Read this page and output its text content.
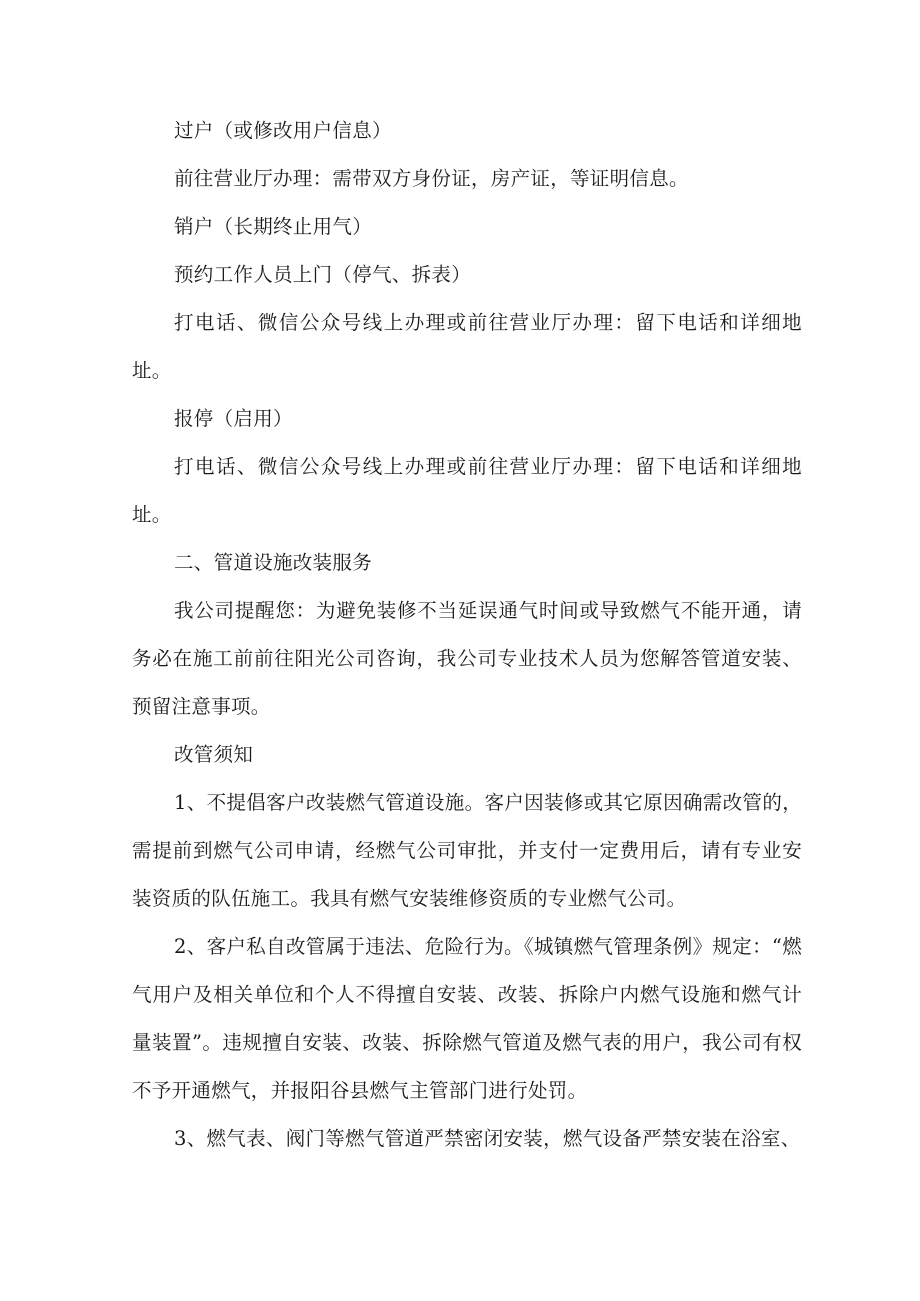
过户（或修改用户信息）

前往营业厅办理：需带双方身份证，房产证，等证明信息。

销户（长期终止用气）

预约工作人员上门（停气、拆表）

打电话、微信公众号线上办理或前往营业厅办理：留下电话和详细地址。

报停（启用）

打电话、微信公众号线上办理或前往营业厅办理：留下电话和详细地址。

二、管道设施改装服务

我公司提醒您：为避免装修不当延误通气时间或导致燃气不能开通，请务必在施工前前往阳光公司咨询，我公司专业技术人员为您解答管道安装、预留注意事项。

改管须知

1、不提倡客户改装燃气管道设施。客户因装修或其它原因确需改管的，需提前到燃气公司申请，经燃气公司审批，并支付一定费用后，请有专业安装资质的队伍施工。我具有燃气安装维修资质的专业燃气公司。

2、客户私自改管属于违法、危险行为。《城镇燃气管理条例》规定：“燃气用户及相关单位和个人不得擅自安装、改装、拆除户内燃气设施和燃气计量装置”。违规擅自安装、改装、拆除燃气管道及燃气表的用户，我公司有权不予开通燃气，并报阳谷县燃气主管部门进行处罚。

3、燃气表、阀门等燃气管道严禁密闭安装，燃气设备严禁安装在浴室、
